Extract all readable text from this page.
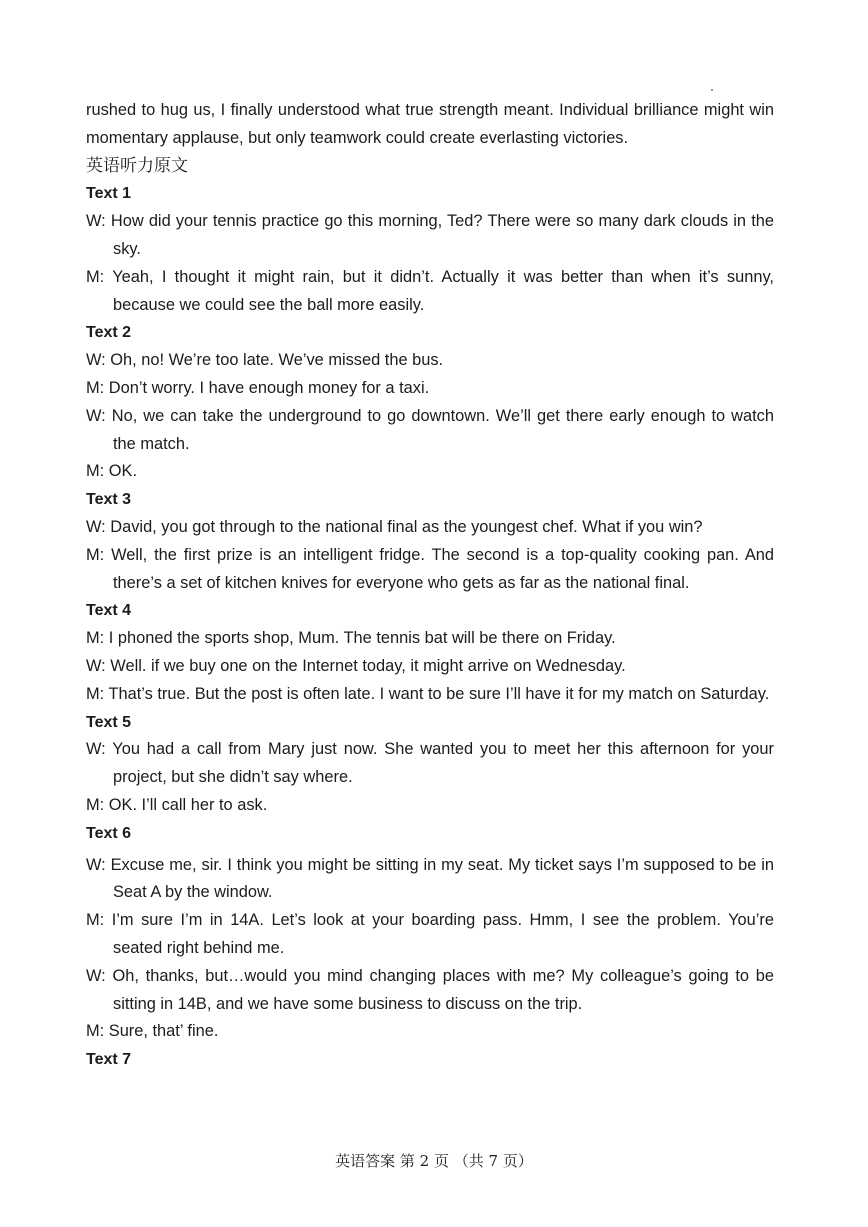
rushed to hug us, I finally understood what true strength meant. Individual brilliance might win momentary applause, but only teamwork could create everlasting victories.

英语听力原文

Text 1

W: How did your tennis practice go this morning, Ted? There were so many dark clouds in the sky.

M: Yeah, I thought it might rain, but it didn’t. Actually it was better than when it’s sunny, because we could see the ball more easily.

Text 2

W: Oh, no! We’re too late. We’ve missed the bus.

M: Don’t worry. I have enough money for a taxi.

W: No, we can take the underground to go downtown. We’ll get there early enough to watch the match.

M: OK.

Text 3

W: David, you got through to the national final as the youngest chef. What if you win?

M: Well, the first prize is an intelligent fridge. The second is a top-quality cooking pan. And there’s a set of kitchen knives for everyone who gets as far as the national final.

Text 4

M: I phoned the sports shop, Mum. The tennis bat will be there on Friday.

W: Well. if we buy one on the Internet today, it might arrive on Wednesday.

M: That’s true. But the post is often late. I want to be sure I’ll have it for my match on Saturday.

Text 5

W: You had a call from Mary just now. She wanted you to meet her this afternoon for your project, but she didn’t say where.

M: OK. I’ll call her to ask.

Text 6

W: Excuse me, sir. I think you might be sitting in my seat. My ticket says I’m supposed to be in Seat A by the window.

M: I’m sure I’m in 14A. Let’s look at your boarding pass. Hmm, I see the problem. You’re seated right behind me.

W: Oh, thanks, but…would you mind changing places with me? My colleague’s going to be sitting in 14B, and we have some business to discuss on the trip.

M: Sure, that’ fine.

Text 7

英语答案 第 2 页 （共 7 页）
